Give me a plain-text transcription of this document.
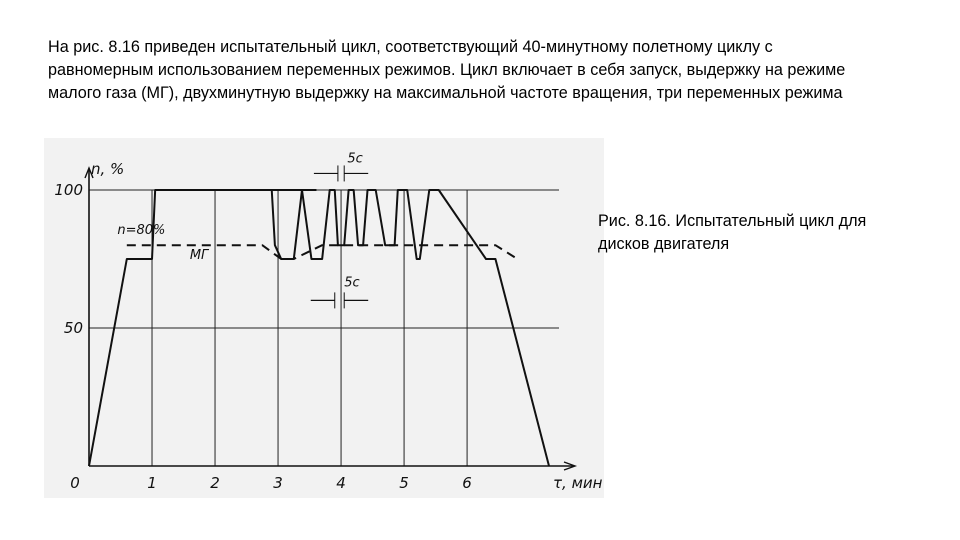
На рис. 8.16 приведен испытательный цикл, соответствующий 40-минутному полетному циклу с равномерным использованием переменных режимов. Цикл включает в себя запуск, выдержку на режиме малого газа (МГ), двухминутную выдержку на максимальной частоте вращения, три переменных режима

50
100
0	1	2	3	4	5	6
n, %
τ, мин
n=80%
МГ
5с
5с

Рис. 8.16. Испытательный цикл для дисков двигателя
